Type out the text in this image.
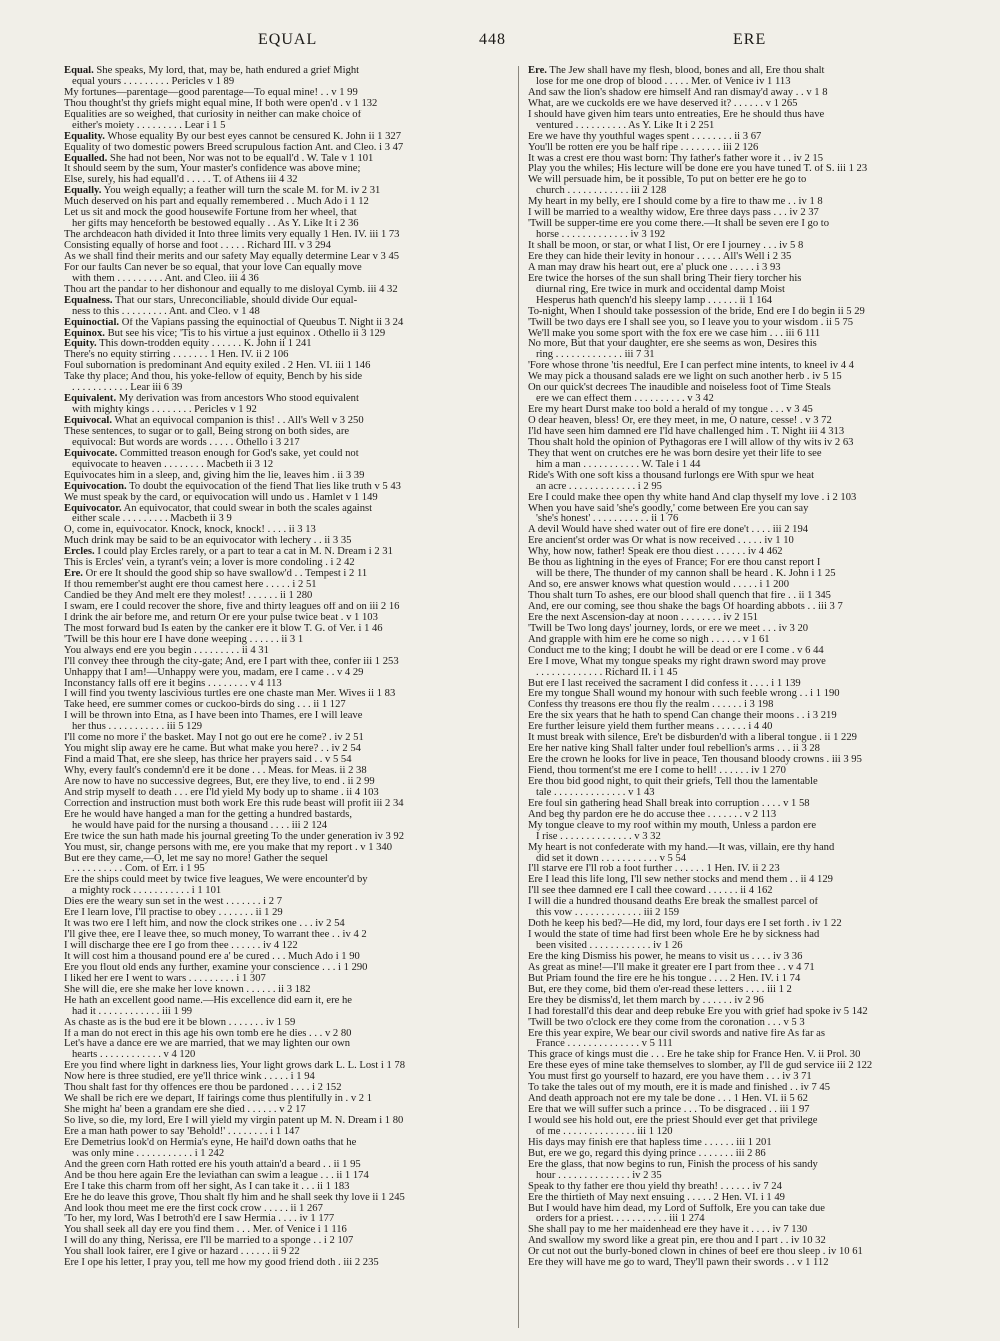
EQUAL	448	ERE
Equal. She speaks, My lord, that, may be, hath endured a grief Might
equal yours . . . . . . . . . Pericles v 1 89
My fortunes—parentage—good parentage—To equal mine! . . v 1 99
Thou thought'st thy griefs might equal mine, If both were open'd . v 1 132
Equalities are so weighed, that curiosity in neither can make choice of
either's moiety . . . . . . . . . Lear i 1 5
Equality. Whose equality By our best eyes cannot be censured K. John ii 1 327
Equality of two domestic powers Breed scrupulous faction Ant. and Cleo. i 3 47
Equalled. She had not been, Nor was not to be equall'd . W. Tale v 1 101
It should seem by the sum, Your master's confidence was above mine;
Else, surely, his had equall'd . . . . . T. of Athens iii 4 32
Equally. You weigh equally; a feather will turn the scale M. for M. iv 2 31
Much deserved on his part and equally remembered . . Much Ado i 1 12
Let us sit and mock the good housewife Fortune from her wheel, that
her gifts may henceforth be bestowed equally . . As Y. Like It i 2 36
The archdeacon hath divided it Into three limits very equally 1 Hen. IV. iii 1 73
Consisting equally of horse and foot . . . . . Richard III. v 3 294
As we shall find their merits and our safety May equally determine Lear v 3 45
For our faults Can never be so equal, that your love Can equally move
with them . . . . . . . . . Ant. and Cleo. iii 4 36
Thou art the pandar to her dishonour and equally to me disloyal Cymb. iii 4 32
Equalness. That our stars, Unreconciliable, should divide Our equal-
ness to this . . . . . . . . . Ant. and Cleo. v 1 48
Equinoctial. Of the Vapians passing the equinoctial of Queubus T. Night ii 3 24
Equinox. But see his vice; 'Tis to his virtue a just equinox . Othello ii 3 129
Equity. This down-trodden equity . . . . . . K. John ii 1 241
There's no equity stirring . . . . . . . 1 Hen. IV. ii 2 106
Foul subornation is predominant And equity exiled . 2 Hen. VI. iii 1 146
Take thy place; And thou, his yoke-fellow of equity, Bench by his side
. . . . . . . . . . . Lear iii 6 39
Equivalent. My derivation was from ancestors Who stood equivalent
with mighty kings . . . . . . . . Pericles v 1 92
Equivocal. What an equivocal companion is this! . . All's Well v 3 250
These sentences, to sugar or to gall, Being strong on both sides, are
equivocal: But words are words . . . . . Othello i 3 217
Equivocate. Committed treason enough for God's sake, yet could not
equivocate to heaven . . . . . . . . Macbeth ii 3 12
Equivocates him in a sleep, and, giving him the lie, leaves him . ii 3 39
Equivocation. To doubt the equivocation of the fiend That lies like truth v 5 43
We must speak by the card, or equivocation will undo us . Hamlet v 1 149
Equivocator. An equivocator, that could swear in both the scales against
either scale . . . . . . . . . Macbeth ii 3 9
O, come in, equivocator. Knock, knock, knock! . . . . ii 3 13
Much drink may be said to be an equivocator with lechery . . ii 3 35
Ercles. I could play Ercles rarely, or a part to tear a cat in M. N. Dream i 2 31
This is Ercles' vein, a tyrant's vein; a lover is more condoling . i 2 42
Ere. Or ere It should the good ship so have swallow'd . . Tempest i 2 11
If thou remember'st aught ere thou camest here . . . . . i 2 51
Candied be they And melt ere they molest! . . . . . . ii 1 280
I swam, ere I could recover the shore, five and thirty leagues off and on iii 2 16
I drink the air before me, and return Or ere your pulse twice beat . v 1 103
The most forward bud Is eaten by the canker ere it blow T. G. of Ver. i 1 46
'Twill be this hour ere I have done weeping . . . . . . ii 3 1
You always end ere you begin . . . . . . . . . ii 4 31
I'll convey thee through the city-gate; And, ere I part with thee, confer iii 1 253
Unhappy that I am!—Unhappy were you, madam, ere I came . . v 4 29
Inconstancy falls off ere it begins . . . . . . . . v 4 113
I will find you twenty lascivious turtles ere one chaste man Mer. Wives ii 1 83
Take heed, ere summer comes or cuckoo-birds do sing . . . ii 1 127
I will be thrown into Etna, as I have been into Thames, ere I will leave
her thus . . . . . . . . . . . iii 5 129
I'll come no more i' the basket. May I not go out ere he come? . iv 2 51
You might slip away ere he came. But what make you here? . . iv 2 54
Find a maid That, ere she sleep, has thrice her prayers said . . v 5 54
Why, every fault's condemn'd ere it be done . . . Meas. for Meas. ii 2 38
Are now to have no successive degrees, But, ere they live, to end . ii 2 99
And strip myself to death . . . ere I'ld yield My body up to shame . ii 4 103
Correction and instruction must both work Ere this rude beast will profit iii 2 34
Ere he would have hanged a man for the getting a hundred bastards,
he would have paid for the nursing a thousand . . . . iii 2 124
Ere twice the sun hath made his journal greeting To the under generation iv 3 92
You must, sir, change persons with me, ere you make that my report . v 1 340
But ere they came,—O, let me say no more! Gather the sequel
. . . . . . . . . . Com. of Err. i 1 95
Ere the ships could meet by twice five leagues, We were encounter'd by
a mighty rock . . . . . . . . . . . i 1 101
Dies ere the weary sun set in the west . . . . . . . i 2 7
Ere I learn love, I'll practise to obey . . . . . . . ii 1 29
It was two ere I left him, and now the clock strikes one . . . iv 2 54
I'll give thee, ere I leave thee, so much money, To warrant thee . . iv 4 2
I will discharge thee ere I go from thee . . . . . . iv 4 122
It will cost him a thousand pound ere a' be cured . . . Much Ado i 1 90
Ere you flout old ends any further, examine your conscience . . . i 1 290
I liked her ere I went to wars . . . . . . . . . i 1 307
She will die, ere she make her love known . . . . . . ii 3 182
He hath an excellent good name.—His excellence did earn it, ere he
had it . . . . . . . . . . . . iii 1 99
As chaste as is the bud ere it be blown . . . . . . . iv 1 59
If a man do not erect in this age his own tomb ere he dies . . . v 2 80
Let's have a dance ere we are married, that we may lighten our own
hearts . . . . . . . . . . . . v 4 120
Ere you find where light in darkness lies, Your light grows dark L. L. Lost i 1 78
Now here is three studied, ere ye'll thrice wink . . . . . i 1 94
Thou shalt fast for thy offences ere thou be pardoned . . . . i 2 152
We shall be rich ere we depart, If fairings come thus plentifully in . v 2 1
She might ha' been a grandam ere she died . . . . . . v 2 17
So live, so die, my lord, Ere I will yield my virgin patent up M. N. Dream i 1 80
Ere a man hath power to say 'Behold!' . . . . . . . . i 1 147
Ere Demetrius look'd on Hermia's eyne, He hail'd down oaths that he
was only mine . . . . . . . . . . . i 1 242
And the green corn Hath rotted ere his youth attain'd a beard . . ii 1 95
And be thou here again Ere the leviathan can swim a league . . . ii 1 174
Ere I take this charm from off her sight, As I can take it . . . ii 1 183
Ere he do leave this grove, Thou shalt fly him and he shall seek thy love ii 1 245
And look thou meet me ere the first cock crow . . . . . ii 1 267
'To her, my lord, Was I betroth'd ere I saw Hermia . . . . iv 1 177
You shall seek all day ere you find them . . . Mer. of Venice i 1 116
I will do any thing, Nerissa, ere I'll be married to a sponge . . i 2 107
You shall look fairer, ere I give or hazard . . . . . . ii 9 22
Ere I ope his letter, I pray you, tell me how my good friend doth . iii 2 235
Ere. The Jew shall have my flesh, blood, bones and all, Ere thou shalt
lose for me one drop of blood . . . . . Mer. of Venice iv 1 113
And saw the lion's shadow ere himself And ran dismay'd away . . v 1 8
What, are we cuckolds ere we have deserved it? . . . . . . v 1 265
I should have given him tears unto entreaties, Ere he should thus have
ventured . . . . . . . . . . As Y. Like It i 2 251
Ere we have thy youthful wages spent . . . . . . . . ii 3 67
You'll be rotten ere you be half ripe . . . . . . . . iii 2 126
It was a crest ere thou wast born: Thy father's father wore it . . iv 2 15
Play you the whiles; His lecture will be done ere you have tuned T. of S. iii 1 23
We will persuade him, be it possible, To put on better ere he go to
church . . . . . . . . . . . . iii 2 128
My heart in my belly, ere I should come by a fire to thaw me . . iv 1 8
I will be married to a wealthy widow, Ere three days pass . . . iv 2 37
'Twill be supper-time ere you come there.—It shall be seven ere I go to
horse . . . . . . . . . . . . . iv 3 192
It shall be moon, or star, or what I list, Or ere I journey . . . iv 5 8
Ere they can hide their levity in honour . . . . . All's Well i 2 35
A man may draw his heart out, ere a' pluck one . . . . . i 3 93
Ere twice the horses of the sun shall bring Their fiery torcher his
diurnal ring, Ere twice in murk and occidental damp Moist
Hesperus hath quench'd his sleepy lamp . . . . . . ii 1 164
To-night, When I should take possession of the bride, End ere I do begin ii 5 29
'Twill be two days ere I shall see you, so I leave you to your wisdom . ii 5 75
We'll make you some sport with the fox ere we case him . . . iii 6 111
No more, But that your daughter, ere she seems as won, Desires this
ring . . . . . . . . . . . . . iii 7 31
'Fore whose throne 'tis needful, Ere I can perfect mine intents, to kneel iv 4 4
We may pick a thousand salads ere we light on such another herb . iv 5 15
On our quick'st decrees The inaudible and noiseless foot of Time Steals
ere we can effect them . . . . . . . . . . v 3 42
Ere my heart Durst make too bold a herald of my tongue . . . v 3 45
O dear heaven, bless! Or, ere they meet, in me, O nature, cesse! . v 3 72
I'ld have seen him damned ere I'ld have challenged him . T. Night iii 4 313
Thou shalt hold the opinion of Pythagoras ere I will allow of thy wits iv 2 63
They that went on crutches ere he was born desire yet their life to see
him a man . . . . . . . . . . . W. Tale i 1 44
Ride's With one soft kiss a thousand furlongs ere With spur we heat
an acre . . . . . . . . . . . . . i 2 95
Ere I could make thee open thy white hand And clap thyself my love . i 2 103
When you have said 'she's goodly,' come between Ere you can say
'she's honest' . . . . . . . . . . . ii 1 76
A devil Would have shed water out of fire ere done't . . . . iii 2 194
Ere ancient'st order was Or what is now received . . . . . iv 1 10
Why, how now, father! Speak ere thou diest . . . . . . iv 4 462
Be thou as lightning in the eyes of France; For ere thou canst report I
will be there, The thunder of my cannon shall be heard . K. John i 1 25
And so, ere answer knows what question would . . . . . i 1 200
Thou shalt turn To ashes, ere our blood shall quench that fire . . ii 1 345
And, ere our coming, see thou shake the bags Of hoarding abbots . . iii 3 7
Ere the next Ascension-day at noon . . . . . . . . iv 2 151
'Twill be Two long days' journey, lords, or ere we meet . . . iv 3 20
And grapple with him ere he come so nigh . . . . . . v 1 61
Conduct me to the king; I doubt he will be dead or ere I come . v 6 44
Ere I move, What my tongue speaks my right drawn sword may prove
. . . . . . . . . . . . . Richard II. i 1 45
But ere I last received the sacrament I did confess it . . . . i 1 139
Ere my tongue Shall wound my honour with such feeble wrong . . i 1 190
Confess thy treasons ere thou fly the realm . . . . . . i 3 198
Ere the six years that he hath to spend Can change their moons . . i 3 219
Ere further leisure yield them further means . . . . . . i 4 40
It must break with silence, Ere't be disburden'd with a liberal tongue . ii 1 229
Ere her native king Shall falter under foul rebellion's arms . . . ii 3 28
Ere the crown he looks for live in peace, Ten thousand bloody crowns . iii 3 95
Fiend, thou torment'st me ere I come to hell! . . . . . . iv 1 270
Ere thou bid good night, to quit their griefs, Tell thou the lamentable
tale . . . . . . . . . . . . . . v 1 43
Ere foul sin gathering head Shall break into corruption . . . . v 1 58
And beg thy pardon ere he do accuse thee . . . . . . . v 2 113
My tongue cleave to my roof within my mouth, Unless a pardon ere
I rise . . . . . . . . . . . . . . v 3 32
My heart is not confederate with my hand.—It was, villain, ere thy hand
did set it down . . . . . . . . . . . v 5 54
I'll starve ere I'll rob a foot further . . . . . . 1 Hen. IV. ii 2 23
Ere I lead this life long, I'll sew nether stocks and mend them . . ii 4 129
I'll see thee damned ere I call thee coward . . . . . . ii 4 162
I will die a hundred thousand deaths Ere break the smallest parcel of
this vow . . . . . . . . . . . . . iii 2 159
Doth he keep his bed?—He did, my lord, four days ere I set forth . iv 1 22
I would the state of time had first been whole Ere he by sickness had
been visited . . . . . . . . . . . . iv 1 26
Ere the king Dismiss his power, he means to visit us . . . . iv 3 36
As great as mine!—I'll make it greater ere I part from thee . . v 4 71
But Priam found the fire ere he his tongue . . . . 2 Hen. IV. i 1 74
But, ere they come, bid them o'er-read these letters . . . . iii 1 2
Ere they be dismiss'd, let them march by . . . . . . iv 2 96
I had forestall'd this dear and deep rebuke Ere you with grief had spoke iv 5 142
'Twill be two o'clock ere they come from the coronation . . . v 5 3
Ere this year expire, We bear our civil swords and native fire As far as
France . . . . . . . . . . . . . . v 5 111
This grace of kings must die . . . Ere he take ship for France Hen. V. ii Prol. 30
Ere these eyes of mine take themselves to slomber, ay I'll de gud service iii 2 122
You must first go yourself to hazard, ere you have them . . . iv 3 71
To take the tales out of my mouth, ere it is made and finished . . iv 7 45
And death approach not ere my tale be done . . . 1 Hen. VI. ii 5 62
Ere that we will suffer such a prince . . . To be disgraced . . iii 1 97
I would see his hold out, ere the priest Should ever get that privilege
of me . . . . . . . . . . . . . . iii 1 120
His days may finish ere that hapless time . . . . . . iii 1 201
But, ere we go, regard this dying prince . . . . . . . iii 2 86
Ere the glass, that now begins to run, Finish the process of his sandy
hour . . . . . . . . . . . . . . iv 2 35
Speak to thy father ere thou yield thy breath! . . . . . . iv 7 24
Ere the thirtieth of May next ensuing . . . . . 2 Hen. VI. i 1 49
But I would have him dead, my Lord of Suffolk, Ere you can take due
orders for a priest. . . . . . . . . . . iii 1 274
She shall pay to me her maidenhead ere they have it . . . . iv 7 130
And swallow my sword like a great pin, ere thou and I part . . iv 10 32
Or cut not out the burly-boned clown in chines of beef ere thou sleep . iv 10 61
Ere they will have me go to ward, They'll pawn their swords . . v 1 112
